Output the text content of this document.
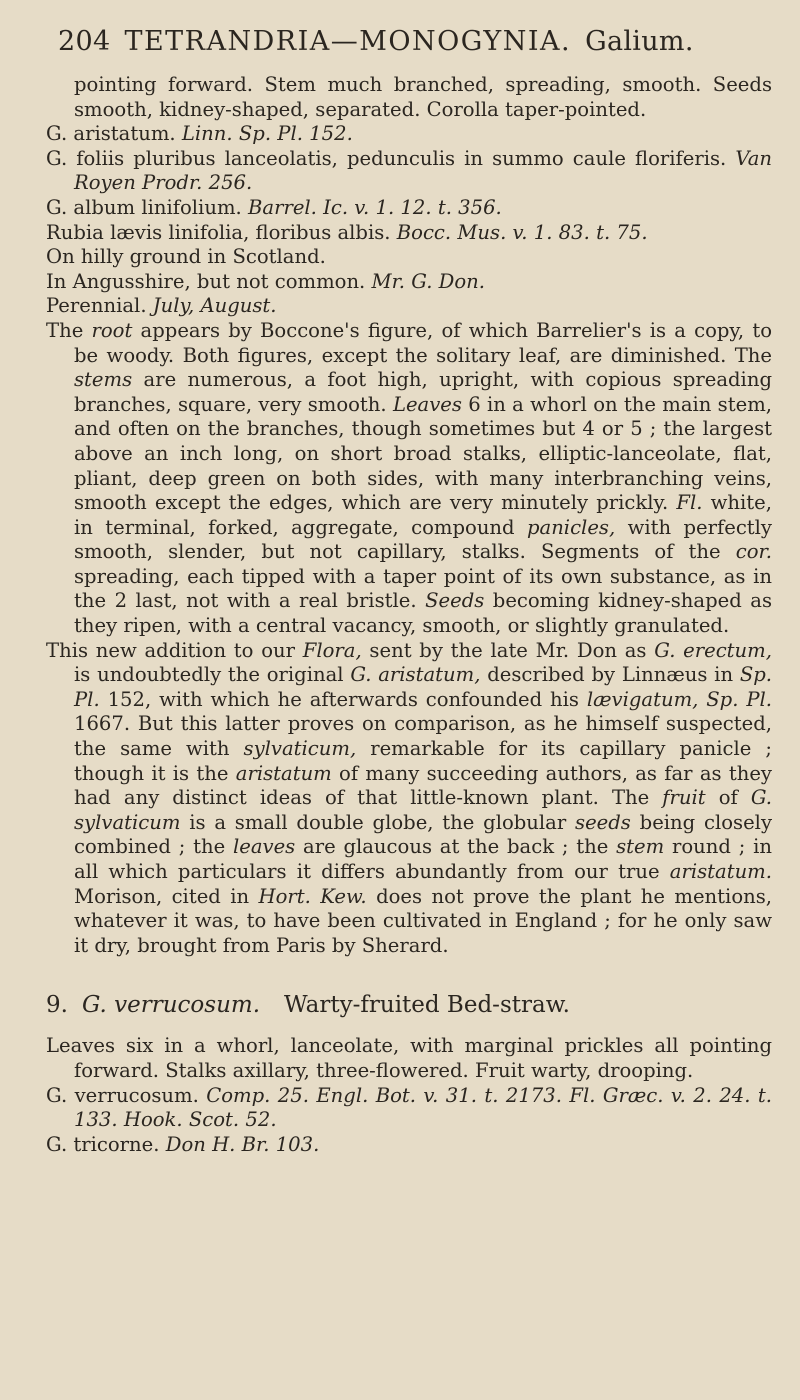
204 TETRANDRIA—MONOGYNIA. Galium.

pointing forward. Stem much branched, spreading, smooth. Seeds smooth, kidney-shaped, separated. Corolla taper-pointed.

G. aristatum. Linn. Sp. Pl. 152.

G. foliis pluribus lanceolatis, pedunculis in summo caule floriferis. Van Royen Prodr. 256.

G. album linifolium. Barrel. Ic. v. 1. 12. t. 356.

Rubia lævis linifolia, floribus albis. Bocc. Mus. v. 1. 83. t. 75.

On hilly ground in Scotland.

In Angusshire, but not common. Mr. G. Don.

Perennial. July, August.

The root appears by Boccone's figure, of which Barrelier's is a copy, to be woody. Both figures, except the solitary leaf, are diminished. The stems are numerous, a foot high, upright, with copious spreading branches, square, very smooth. Leaves 6 in a whorl on the main stem, and often on the branches, though sometimes but 4 or 5 ; the largest above an inch long, on short broad stalks, elliptic-lanceolate, flat, pliant, deep green on both sides, with many interbranching veins, smooth except the edges, which are very minutely prickly. Fl. white, in terminal, forked, aggregate, compound panicles, with perfectly smooth, slender, but not capillary, stalks. Segments of the cor. spreading, each tipped with a taper point of its own substance, as in the 2 last, not with a real bristle. Seeds becoming kidney-shaped as they ripen, with a central vacancy, smooth, or slightly granulated.

This new addition to our Flora, sent by the late Mr. Don as G. erectum, is undoubtedly the original G. aristatum, described by Linnæus in Sp. Pl. 152, with which he afterwards confounded his lævigatum, Sp. Pl. 1667. But this latter proves on comparison, as he himself suspected, the same with sylvaticum, remarkable for its capillary panicle ; though it is the aristatum of many succeeding authors, as far as they had any distinct ideas of that little-known plant. The fruit of G. sylvaticum is a small double globe, the globular seeds being closely combined ; the leaves are glaucous at the back ; the stem round ; in all which particulars it differs abundantly from our true aristatum. Morison, cited in Hort. Kew. does not prove the plant he mentions, whatever it was, to have been cultivated in England ; for he only saw it dry, brought from Paris by Sherard.

9. G. verrucosum. Warty-fruited Bed-straw.

Leaves six in a whorl, lanceolate, with marginal prickles all pointing forward. Stalks axillary, three-flowered. Fruit warty, drooping.

G. verrucosum. Comp. 25. Engl. Bot. v. 31. t. 2173. Fl. Græc. v. 2. 24. t. 133. Hook. Scot. 52.

G. tricorne. Don H. Br. 103.
